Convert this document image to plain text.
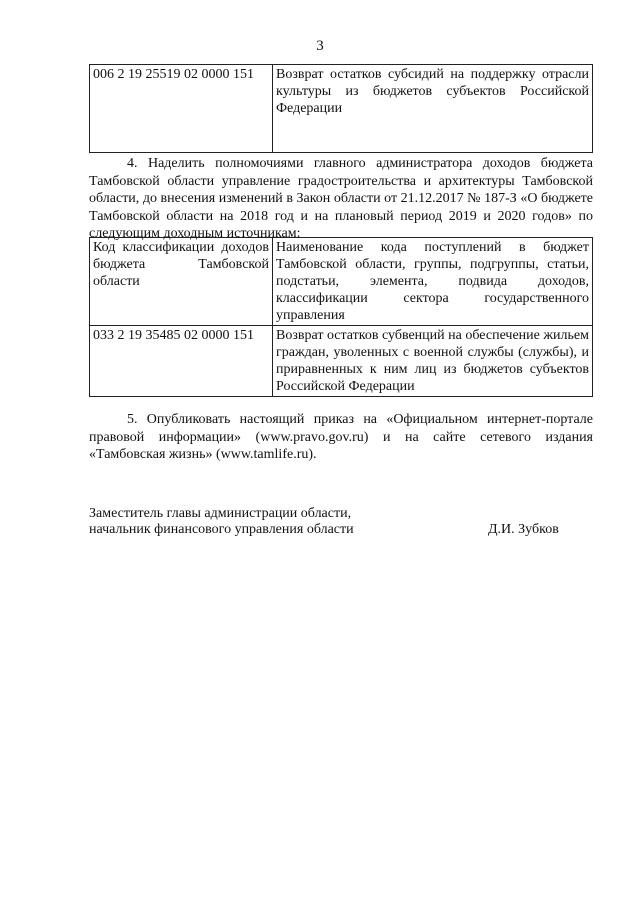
3
006 2 19 25519 02 0000 151	Возврат остатков субсидий на поддержку отрасли культуры из бюджетов субъектов Российской Федерации
4. Наделить полномочиями главного администратора доходов бюджета Тамбовской области управление градостроительства и архитектуры Тамбовской области, до внесения изменений в Закон области от 21.12.2017 № 187-З «О бюджете Тамбовской области на 2018 год и на плановый период 2019 и 2020 годов» по следующим доходным источникам:
Код классификации доходов бюджета Тамбовской области	Наименование кода поступлений в бюджет Тамбовской области, группы, подгруппы, статьи, подстатьи, элемента, подвида доходов, классификации сектора государственного управления
033 2 19 35485 02 0000 151	Возврат остатков субвенций на обеспечение жильем граждан, уволенных с военной службы (службы), и приравненных к ним лиц из бюджетов субъектов Российской Федерации
5. Опубликовать настоящий приказ на «Официальном интернет-портале правовой информации» (www.pravo.gov.ru) и на сайте сетевого издания «Тамбовская жизнь» (www.tamlife.ru).
Заместитель главы администрации области,
начальник финансового управления области	Д.И. Зубков
